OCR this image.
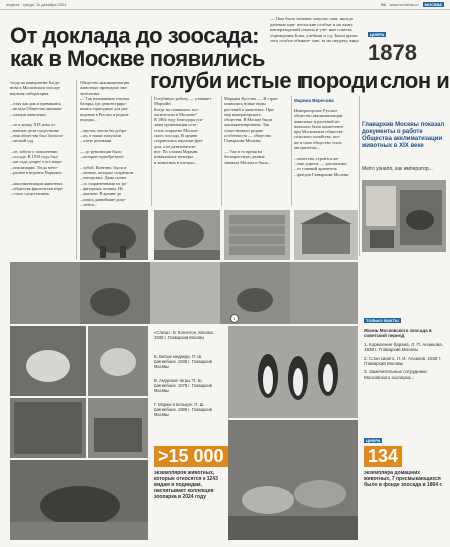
неделя · среда, 11 декабря 2024	06 www.vmnews.ru	МОСКВА
От доклада до зоосада:
как в Москве появились
голуби истые г
породи слон и
— Они было человек запуска- ния, иногда дачевые при- ятельские особые и на чанес императорский сенаты и уче- ные советы, учреждения Бова, учебник и т.д. Были кроме того особое объявле- ние, за их неудачу, вину.
ЦИФРА
1878
Главархив Москвы показал документы о работе Общества акклиматизации животных в XIX веке
Metro узнало, как император...
тогда по инициативе Богда-
нова в Московском зоосаде
научная лаборатория.
...елях как рак и превикансь
...вкладе Общества акклима-
...изации животных.
...ле к концу XIX века ос-
...ванные цели существова-
...ния общества был Зоологи-
...ческий сад.
...ле, забота о пополнении
...оосада. В 1919 году был
...ын сада дохрет о его наци-
...онализации. Тогда мето-
...рушен в ведение Наркомп-
...акклиматизации животных
...общества фактически пере-
...стало существовать.
Общество акклиматизации
животных проводило зна-
чительные
— Так называемые птичьи
базары, где демонстриро-
вались пригодные для раз-
ведения в России и редкие
породы...
...ерства, могли бы добро-
...ку, а также покупали
...ольте реликвии
— до революции было
...которые приобретали-
...зубой. Конечно, были и
...ектные, которые сохраняли
...еннорских. Даже позже
...сь сохраненными их ро-
...фиторных чтении. Их
...анализе. В архиве до
...ились давнейшие доку-
...мента...
Голубиную работу, — утачняет
Мароайн.
Когда же появились зоо-
логических в Москове?
В 1864 году благодаря уси-
лиям организации сото-
сталь открытие Москов-
ского зоосада. В архиве
сохранились научные фун-
дом, а не развлекатель-
ное. По словам Марьин,
изначальное вольеры
и животных в клетках...
Марьина Кустова. — В стран
появились новые виды
растений и животных. При-
мер императорского
общества. В Москве были
акклиматизированы. Так
существовали редкие
особенности — общество
Главархива Москвы.
— Уже в то время на
бескорыстную дачные
снимала Москва и была...
Марина Вересова
Императорское Русское
общество акклиматизации
животных и растений из-
начально было компетенто
при Московском обществе
сельского хозяйства, поз-
же и само общество стало
авторитетом...
...ничества, строится же-
...ные дороги, — рассказыва-
...ет главный хранитель
...фондов Главархива Москвы
1
«Слеза». В. Кончетон, Москва. 1938 г. Главархив Москвы
Б. Белые медведи. П. Ш. Шигинбаев. 1938 г. Главархив Москвы
В. Амурские тигры. П. Ш. Шигинбаев. 1878 г. Главархив Москвы
Г. Моржи в вольере. П. Ш. Шигинбаев. 1889 г. Главархив Москвы
>15 000
экземпляров животных, которые относятся к 1243 видам и подвидам, насчитывает коллекция зоопарка в 2024 году
ТОЛЬКО ФАКТЫ

Жизнь Московского зоосада в советский период

1. Кормление барана. Л. П. Анзикова. 1938 г. Главархив Москвы

2. Слон Шанго. Л. И. Анзиков. 1938 г. Главархив Москвы

3. Замечательные сотрудники Московского зоопарка...

ЦИФРА
134
экземпляра домашних животных, 7 пресмыкающихся было в фонде зоосада в 1864 г.
